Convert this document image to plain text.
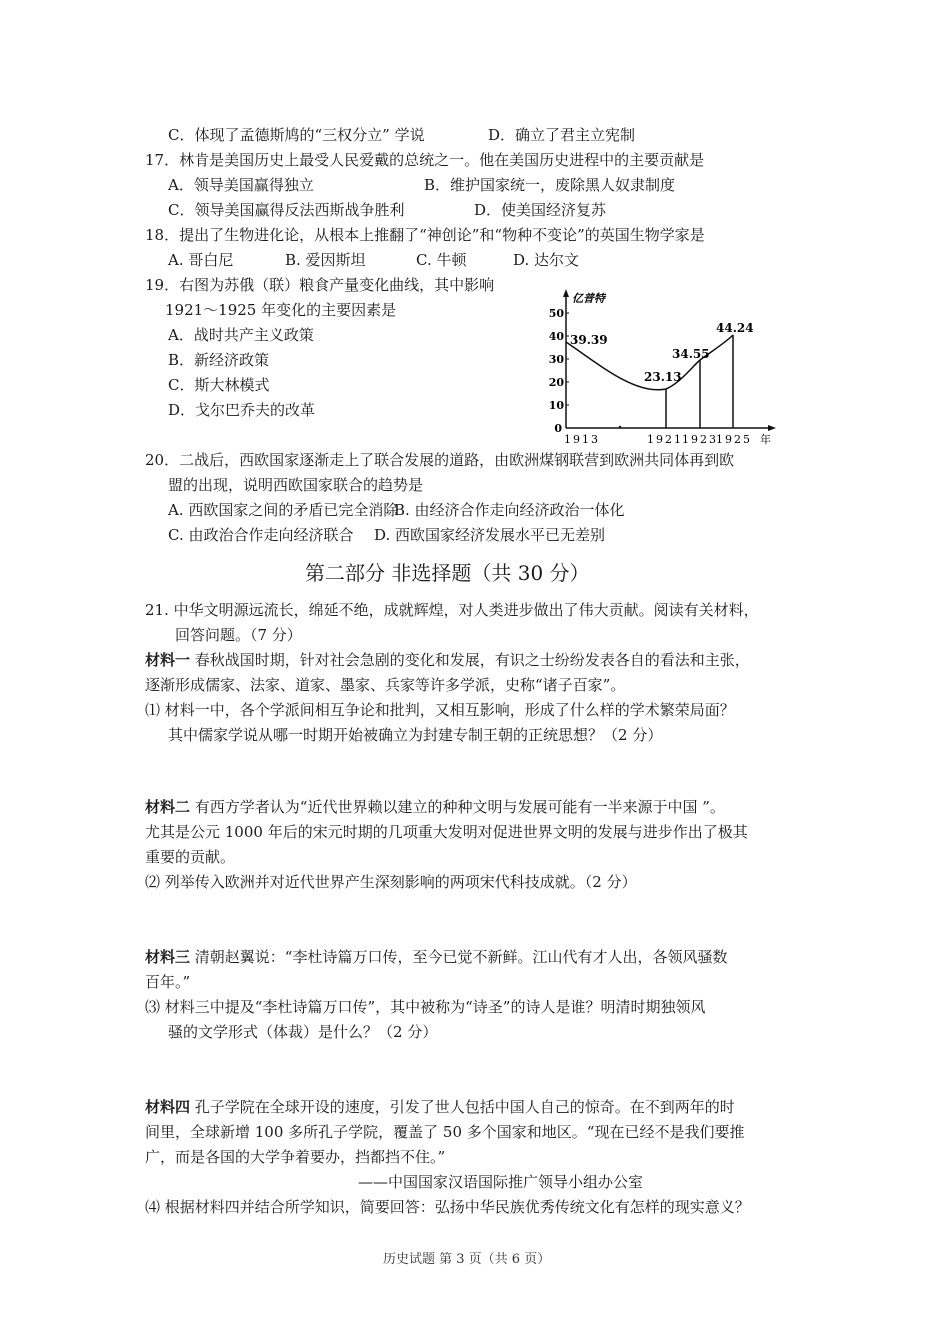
C．体现了孟德斯鸠的“三权分立” 学说	D．确立了君主立宪制
17．林肯是美国历史上最受人民爱戴的总统之一。他在美国历史进程中的主要贡献是
A．领导美国赢得独立	B．维护国家统一，废除黑人奴隶制度
C．领导美国赢得反法西斯战争胜利	D．使美国经济复苏
18．提出了生物进化论，从根本上推翻了“神创论”和“物种不变论”的英国生物学家是
A. 哥白尼	B. 爱因斯坦	C. 牛顿	D. 达尔文
19．右图为苏俄（联）粮食产量变化曲线，其中影响
1921～1925 年变化的主要因素是
A．战时共产主义政策
B．新经济政策
C．斯大林模式
D．戈尔巴乔夫的改革
0
10
20
30
40
50
亿普特
39.39
23.13
34.55
44.24
1913	1921 1923
1925 年
20．二战后，西欧国家逐渐走上了联合发展的道路，由欧洲煤钢联营到欧洲共同体再到欧
盟的出现，说明西欧国家联合的趋势是
A. 西欧国家之间的矛盾已完全消除
B. 由经济合作走向经济政治一体化
C. 由政治合作走向经济联合 D. 西欧国家经济发展水平已无差别
第二部分 非选择题（共 30 分）
21. 中华文明源远流长，绵延不绝，成就辉煌，对人类进步做出了伟大贡献。阅读有关材料，
回答问题。（7 分）
材料一 春秋战国时期，针对社会急剧的变化和发展，有识之士纷纷发表各自的看法和主张，
逐渐形成儒家、法家、道家、墨家、兵家等许多学派，史称“诸子百家”。
⑴ 材料一中，各个学派间相互争论和批判，又相互影响，形成了什么样的学术繁荣局面？
其中儒家学说从哪一时期开始被确立为封建专制王朝的正统思想？（2 分）
材料二 有西方学者认为“近代世界赖以建立的种种文明与发展可能有一半来源于中国 ”。
尤其是公元 1000 年后的宋元时期的几项重大发明对促进世界文明的发展与进步作出了极其
重要的贡献。
⑵ 列举传入欧洲并对近代世界产生深刻影响的两项宋代科技成就。（2 分）
材料三 清朝赵翼说：“李杜诗篇万口传，至今已觉不新鲜。江山代有才人出，各领风骚数
百年。”
⑶ 材料三中提及“李杜诗篇万口传”，其中被称为“诗圣”的诗人是谁？明清时期独领风
骚的文学形式（体裁）是什么？（2 分）
材料四 孔子学院在全球开设的速度，引发了世人包括中国人自己的惊奇。在不到两年的时
间里，全球新增 100 多所孔子学院，覆盖了 50 多个国家和地区。“现在已经不是我们要推
广，而是各国的大学争着要办，挡都挡不住。”
——中国国家汉语国际推广领导小组办公室
⑷ 根据材料四并结合所学知识，简要回答：弘扬中华民族优秀传统文化有怎样的现实意义？
历史试题 第 3 页（共 6 页）
